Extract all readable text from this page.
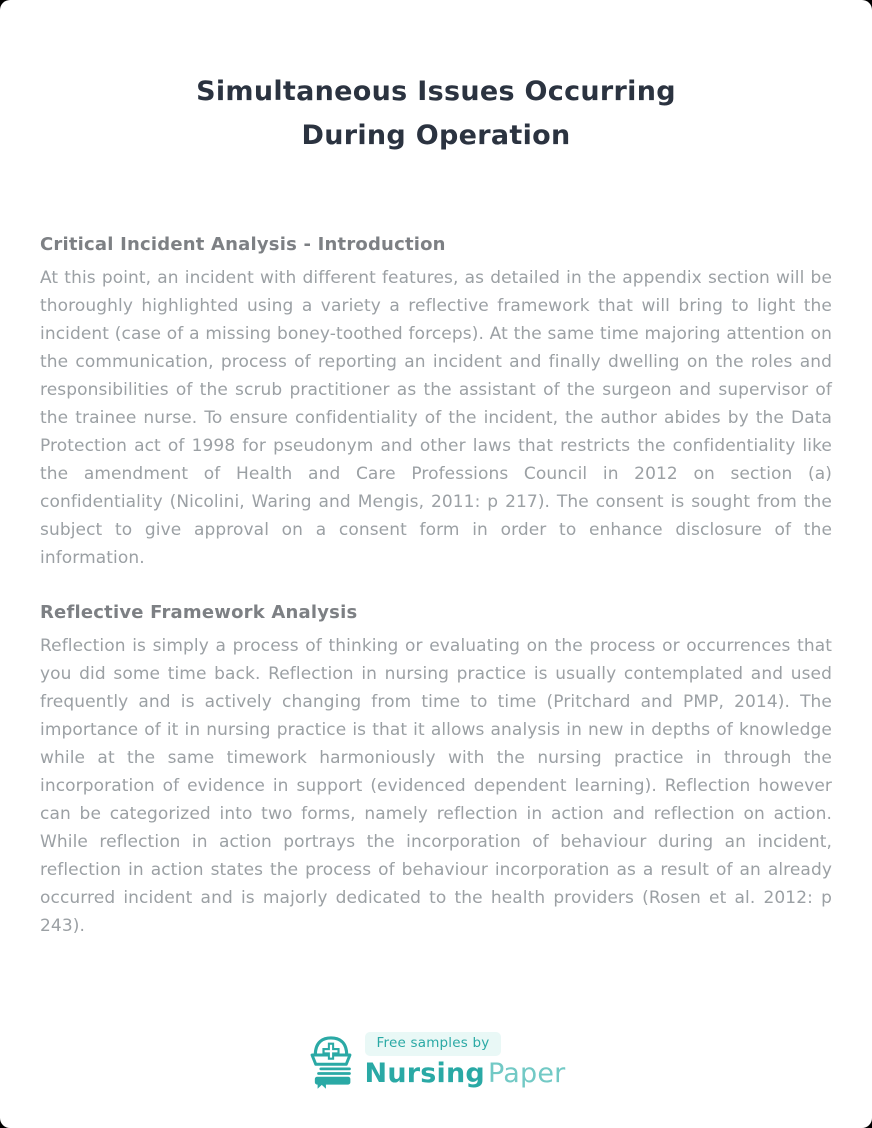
Simultaneous Issues Occurring
During Operation
Critical Incident Analysis - Introduction

At this point, an incident with different features, as detailed in the appendix section will be thoroughly highlighted using a variety a reflective framework that will bring to light the incident (case of a missing boney-toothed forceps). At the same time majoring attention on the communication, process of reporting an incident and finally dwelling on the roles and responsibilities of the scrub practitioner as the assistant of the surgeon and supervisor of the trainee nurse. To ensure confidentiality of the incident, the author abides by the Data Protection act of 1998 for pseudonym and other laws that restricts the confidentiality like the amendment of Health and Care Professions Council in 2012 on section (a) confidentiality (Nicolini, Waring and Mengis, 2011: p 217). The consent is sought from the subject to give approval on a consent form in order to enhance disclosure of the information.

Reflective Framework Analysis

Reflection is simply a process of thinking or evaluating on the process or occurrences that you did some time back. Reflection in nursing practice is usually contemplated and used frequently and is actively changing from time to time (Pritchard and PMP, 2014). The importance of it in nursing practice is that it allows analysis in new in depths of knowledge while at the same timework harmoniously with the nursing practice in through the incorporation of evidence in support (evidenced dependent learning). Reflection however can be categorized into two forms, namely reflection in action and reflection on action. While reflection in action portrays the incorporation of behaviour during an incident, reflection in action states the process of behaviour incorporation as a result of an already occurred incident and is majorly dedicated to the health providers (Rosen et al. 2012: p 243).

Free samples by
Nursing Paper
